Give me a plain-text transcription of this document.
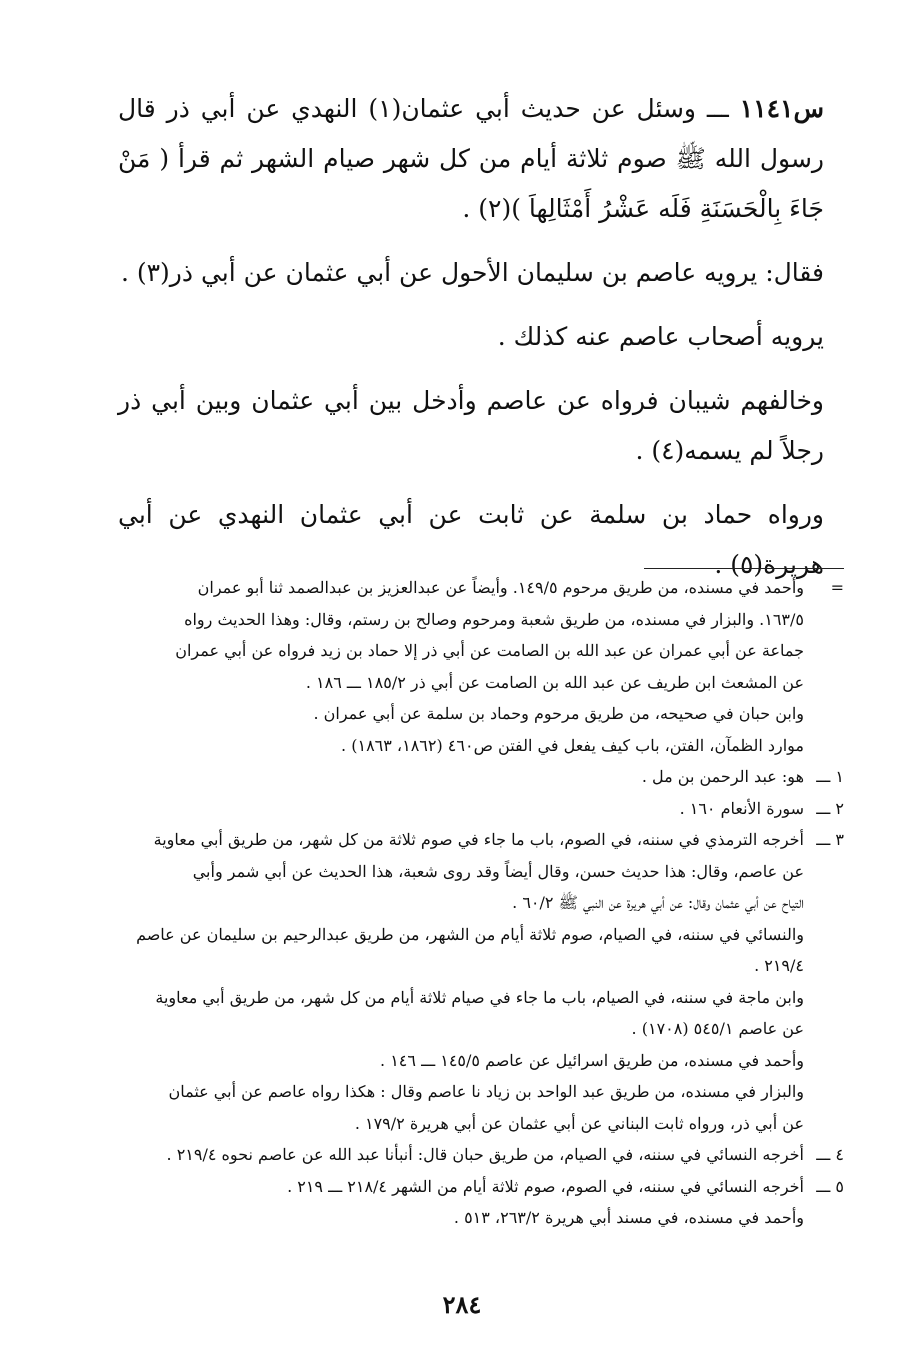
س١١٤١ ـــ وسئل عن حديث أبي عثمان(١) النهدي عن أبي ذر قال رسول الله ﷺ صوم ثلاثة أيام من كل شهر صيام الشهر ثم قرأ ( مَنْ جَاءَ بِالْحَسَنَةِ فَلَه عَشْرُ أَمْثَالِهاَ )(٢) .

فقال: يرويه عاصم بن سليمان الأحول عن أبي عثمان عن أبي ذر(٣) .

يرويه أصحاب عاصم عنه كذلك .

وخالفهم شيبان فرواه عن عاصم وأدخل بين أبي عثمان وبين أبي ذر رجلاً لم يسمه(٤) .

ورواه حماد بن سلمة عن ثابت عن أبي عثمان النهدي عن أبي هريرة(٥) .

=
وأحمد في مسنده، من طريق مرحوم ١٤٩/٥. وأيضاً عن عبدالعزيز بن عبدالصمد ثنا أبو عمران
١٦٣/٥. والبزار في مسنده، من طريق شعبة ومرحوم وصالح بن رستم، وقال: وهذا الحديث رواه
جماعة عن أبي عمران عن عبد الله بن الصامت عن أبي ذر إلا حماد بن زيد فرواه عن أبي عمران
عن المشعث ابن طريف عن عبد الله بن الصامت عن أبي ذر ١٨٥/٢ ـــ ١٨٦ .
وابن حبان في صحيحه، من طريق مرحوم وحماد بن سلمة عن أبي عمران .
موارد الظمآن، الفتن، باب كيف يفعل في الفتن ص٤٦٠ (١٨٦٢، ١٨٦٣) .
١ ـــ
هو: عبد الرحمن بن مل .
٢ ـــ
سورة الأنعام ١٦٠ .
٣ ـــ
أخرجه الترمذي في سننه، في الصوم، باب ما جاء في صوم ثلاثة من كل شهر، من طريق أبي معاوية
عن عاصم، وقال: هذا حديث حسن، وقال أيضاً وقد روى شعبة، هذا الحديث عن أبي شمر وأبي
التياح عن أبي عثمان وقال: عن أبي هريرة عن النبي ﷺ ٦٠/٢ .
والنسائي في سننه، في الصيام، صوم ثلاثة أيام من الشهر، من طريق عبدالرحيم بن سليمان عن عاصم
٢١٩/٤ .
وابن ماجة في سننه، في الصيام، باب ما جاء في صيام ثلاثة أيام من كل شهر، من طريق أبي معاوية
عن عاصم ٥٤٥/١ (١٧٠٨) .
وأحمد في مسنده، من طريق اسرائيل عن عاصم ١٤٥/٥ ـــ ١٤٦ .
والبزار في مسنده، من طريق عبد الواحد بن زياد نا عاصم وقال : هكذا رواه عاصم عن أبي عثمان
عن أبي ذر، ورواه ثابت البناني عن أبي عثمان عن أبي هريرة ١٧٩/٢ .
٤ ـــ
أخرجه النسائي في سننه، في الصيام، من طريق حبان قال: أنبأنا عبد الله عن عاصم نحوه ٢١٩/٤ .
٥ ـــ
أخرجه النسائي في سننه، في الصوم، صوم ثلاثة أيام من الشهر ٢١٨/٤ ـــ ٢١٩ .
وأحمد في مسنده، في مسند أبي هريرة ٢٦٣/٢، ٥١٣ .
٢٨٤
